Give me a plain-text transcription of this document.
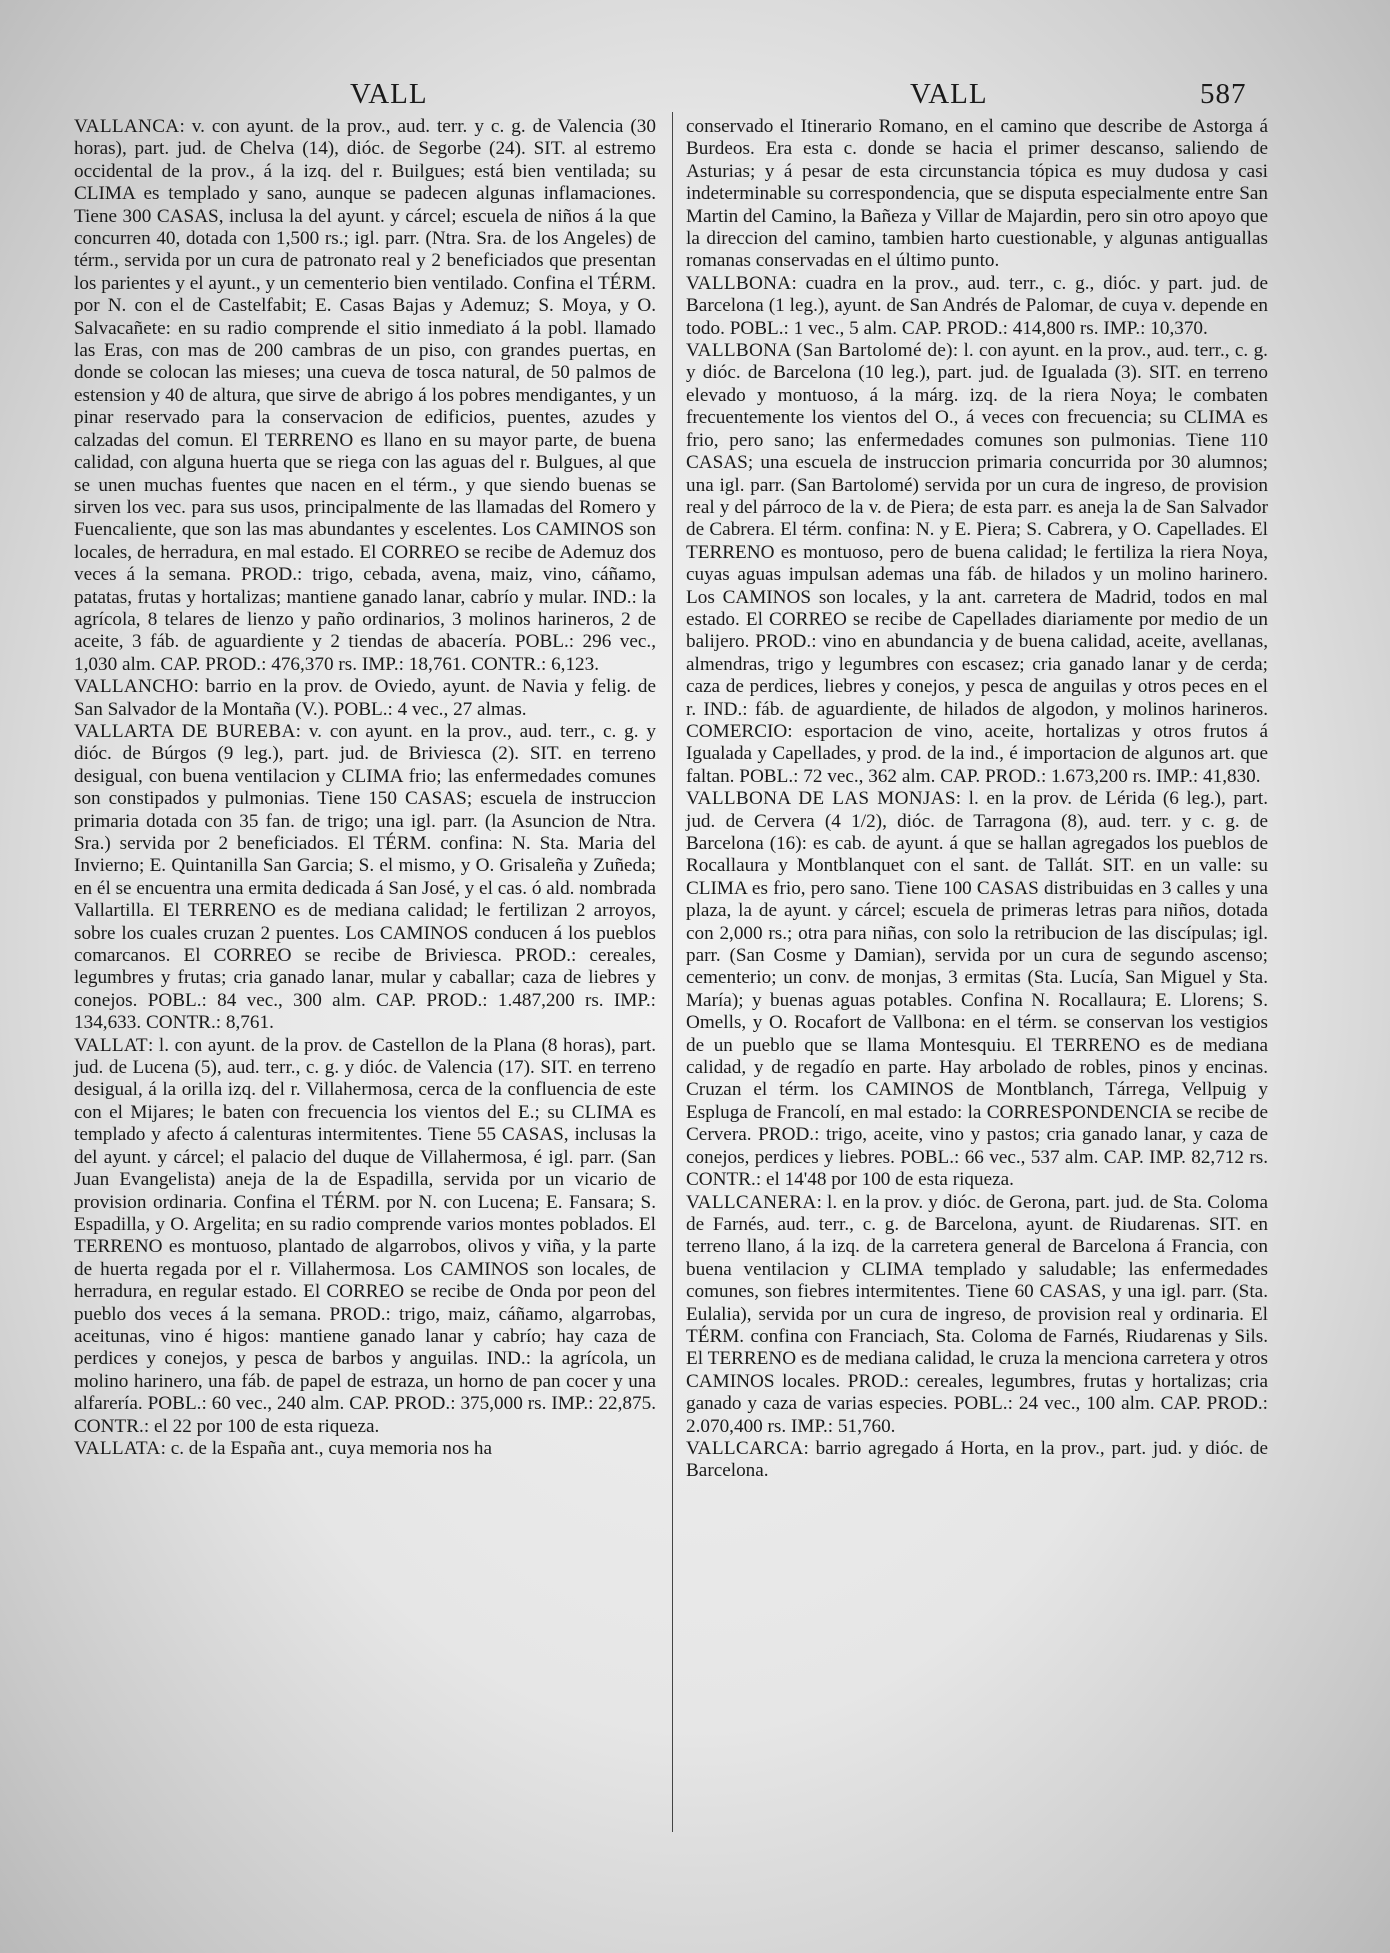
VALL	VALL	587

VALLANCA: v. con ayunt. de la prov., aud. terr. y c. g. de Valencia (30 horas), part. jud. de Chelva (14), dióc. de Segorbe (24). SIT. al estremo occidental de la prov., á la izq. del r. Builgues; está bien ventilada; su CLIMA es templado y sano, aunque se padecen algunas inflamaciones. Tiene 300 CASAS, inclusa la del ayunt. y cárcel; escuela de niños á la que concurren 40, dotada con 1,500 rs.; igl. parr. (Ntra. Sra. de los Angeles) de térm., servida por un cura de patronato real y 2 beneficiados que presentan los parientes y el ayunt., y un cementerio bien ventilado. Confina el TÉRM. por N. con el de Castelfabit; E. Casas Bajas y Ademuz; S. Moya, y O. Salvacañete: en su radio comprende el sitio inmediato á la pobl. llamado las Eras, con mas de 200 cambras de un piso, con grandes puertas, en donde se colocan las mieses; una cueva de tosca natural, de 50 palmos de estension y 40 de altura, que sirve de abrigo á los pobres mendigantes, y un pinar reservado para la conservacion de edificios, puentes, azudes y calzadas del comun. El TERRENO es llano en su mayor parte, de buena calidad, con alguna huerta que se riega con las aguas del r. Bulgues, al que se unen muchas fuentes que nacen en el térm., y que siendo buenas se sirven los vec. para sus usos, principalmente de las llamadas del Romero y Fuencaliente, que son las mas abundantes y escelentes. Los CAMINOS son locales, de herradura, en mal estado. El CORREO se recibe de Ademuz dos veces á la semana. PROD.: trigo, cebada, avena, maiz, vino, cáñamo, patatas, frutas y hortalizas; mantiene ganado lanar, cabrío y mular. IND.: la agrícola, 8 telares de lienzo y paño ordinarios, 3 molinos harineros, 2 de aceite, 3 fáb. de aguardiente y 2 tiendas de abacería. POBL.: 296 vec., 1,030 alm. CAP. PROD.: 476,370 rs. IMP.: 18,761. CONTR.: 6,123.

VALLANCHO: barrio en la prov. de Oviedo, ayunt. de Navia y felig. de San Salvador de la Montaña (V.). POBL.: 4 vec., 27 almas.

VALLARTA DE BUREBA: v. con ayunt. en la prov., aud. terr., c. g. y dióc. de Búrgos (9 leg.), part. jud. de Briviesca (2). SIT. en terreno desigual, con buena ventilacion y CLIMA frio; las enfermedades comunes son constipados y pulmonias. Tiene 150 CASAS; escuela de instruccion primaria dotada con 35 fan. de trigo; una igl. parr. (la Asuncion de Ntra. Sra.) servida por 2 beneficiados. El TÉRM. confina: N. Sta. Maria del Invierno; E. Quintanilla San Garcia; S. el mismo, y O. Grisaleña y Zuñeda; en él se encuentra una ermita dedicada á San José, y el cas. ó ald. nombrada Vallartilla. El TERRENO es de mediana calidad; le fertilizan 2 arroyos, sobre los cuales cruzan 2 puentes. Los CAMINOS conducen á los pueblos comarcanos. El CORREO se recibe de Briviesca. PROD.: cereales, legumbres y frutas; cria ganado lanar, mular y caballar; caza de liebres y conejos. POBL.: 84 vec., 300 alm. CAP. PROD.: 1.487,200 rs. IMP.: 134,633. CONTR.: 8,761.

VALLAT: l. con ayunt. de la prov. de Castellon de la Plana (8 horas), part. jud. de Lucena (5), aud. terr., c. g. y dióc. de Valencia (17). SIT. en terreno desigual, á la orilla izq. del r. Villahermosa, cerca de la confluencia de este con el Mijares; le baten con frecuencia los vientos del E.; su CLIMA es templado y afecto á calenturas intermitentes. Tiene 55 CASAS, inclusas la del ayunt. y cárcel; el palacio del duque de Villahermosa, é igl. parr. (San Juan Evangelista) aneja de la de Espadilla, servida por un vicario de provision ordinaria. Confina el TÉRM. por N. con Lucena; E. Fansara; S. Espadilla, y O. Argelita; en su radio comprende varios montes poblados. El TERRENO es montuoso, plantado de algarrobos, olivos y viña, y la parte de huerta regada por el r. Villahermosa. Los CAMINOS son locales, de herradura, en regular estado. El CORREO se recibe de Onda por peon del pueblo dos veces á la semana. PROD.: trigo, maiz, cáñamo, algarrobas, aceitunas, vino é higos: mantiene ganado lanar y cabrío; hay caza de perdices y conejos, y pesca de barbos y anguilas. IND.: la agrícola, un molino harinero, una fáb. de papel de estraza, un horno de pan cocer y una alfarería. POBL.: 60 vec., 240 alm. CAP. PROD.: 375,000 rs. IMP.: 22,875. CONTR.: el 22 por 100 de esta riqueza.

VALLATA: c. de la España ant., cuya memoria nos ha

conservado el Itinerario Romano, en el camino que describe de Astorga á Burdeos. Era esta c. donde se hacia el primer descanso, saliendo de Asturias; y á pesar de esta circunstancia tópica es muy dudosa y casi indeterminable su correspondencia, que se disputa especialmente entre San Martin del Camino, la Bañeza y Villar de Majardin, pero sin otro apoyo que la direccion del camino, tambien harto cuestionable, y algunas antiguallas romanas conservadas en el último punto.

VALLBONA: cuadra en la prov., aud. terr., c. g., dióc. y part. jud. de Barcelona (1 leg.), ayunt. de San Andrés de Palomar, de cuya v. depende en todo. POBL.: 1 vec., 5 alm. CAP. PROD.: 414,800 rs. IMP.: 10,370.

VALLBONA (San Bartolomé de): l. con ayunt. en la prov., aud. terr., c. g. y dióc. de Barcelona (10 leg.), part. jud. de Igualada (3). SIT. en terreno elevado y montuoso, á la márg. izq. de la riera Noya; le combaten frecuentemente los vientos del O., á veces con frecuencia; su CLIMA es frio, pero sano; las enfermedades comunes son pulmonias. Tiene 110 CASAS; una escuela de instruccion primaria concurrida por 30 alumnos; una igl. parr. (San Bartolomé) servida por un cura de ingreso, de provision real y del párroco de la v. de Piera; de esta parr. es aneja la de San Salvador de Cabrera. El térm. confina: N. y E. Piera; S. Cabrera, y O. Capellades. El TERRENO es montuoso, pero de buena calidad; le fertiliza la riera Noya, cuyas aguas impulsan ademas una fáb. de hilados y un molino harinero. Los CAMINOS son locales, y la ant. carretera de Madrid, todos en mal estado. El CORREO se recibe de Capellades diariamente por medio de un balijero. PROD.: vino en abundancia y de buena calidad, aceite, avellanas, almendras, trigo y legumbres con escasez; cria ganado lanar y de cerda; caza de perdices, liebres y conejos, y pesca de anguilas y otros peces en el r. IND.: fáb. de aguardiente, de hilados de algodon, y molinos harineros. COMERCIO: esportacion de vino, aceite, hortalizas y otros frutos á Igualada y Capellades, y prod. de la ind., é importacion de algunos art. que faltan. POBL.: 72 vec., 362 alm. CAP. PROD.: 1.673,200 rs. IMP.: 41,830.

VALLBONA DE LAS MONJAS: l. en la prov. de Lérida (6 leg.), part. jud. de Cervera (4 1/2), dióc. de Tarragona (8), aud. terr. y c. g. de Barcelona (16): es cab. de ayunt. á que se hallan agregados los pueblos de Rocallaura y Montblanquet con el sant. de Tallát. SIT. en un valle: su CLIMA es frio, pero sano. Tiene 100 CASAS distribuidas en 3 calles y una plaza, la de ayunt. y cárcel; escuela de primeras letras para niños, dotada con 2,000 rs.; otra para niñas, con solo la retribucion de las discípulas; igl. parr. (San Cosme y Damian), servida por un cura de segundo ascenso; cementerio; un conv. de monjas, 3 ermitas (Sta. Lucía, San Miguel y Sta. María); y buenas aguas potables. Confina N. Rocallaura; E. Llorens; S. Omells, y O. Rocafort de Vallbona: en el térm. se conservan los vestigios de un pueblo que se llama Montesquiu. El TERRENO es de mediana calidad, y de regadío en parte. Hay arbolado de robles, pinos y encinas. Cruzan el térm. los CAMINOS de Montblanch, Tárrega, Vellpuig y Espluga de Francolí, en mal estado: la CORRESPONDENCIA se recibe de Cervera. PROD.: trigo, aceite, vino y pastos; cria ganado lanar, y caza de conejos, perdices y liebres. POBL.: 66 vec., 537 alm. CAP. IMP. 82,712 rs. CONTR.: el 14'48 por 100 de esta riqueza.

VALLCANERA: l. en la prov. y dióc. de Gerona, part. jud. de Sta. Coloma de Farnés, aud. terr., c. g. de Barcelona, ayunt. de Riudarenas. SIT. en terreno llano, á la izq. de la carretera general de Barcelona á Francia, con buena ventilacion y CLIMA templado y saludable; las enfermedades comunes, son fiebres intermitentes. Tiene 60 CASAS, y una igl. parr. (Sta. Eulalia), servida por un cura de ingreso, de provision real y ordinaria. El TÉRM. confina con Franciach, Sta. Coloma de Farnés, Riudarenas y Sils. El TERRENO es de mediana calidad, le cruza la menciona carretera y otros CAMINOS locales. PROD.: cereales, legumbres, frutas y hortalizas; cria ganado y caza de varias especies. POBL.: 24 vec., 100 alm. CAP. PROD.: 2.070,400 rs. IMP.: 51,760.

VALLCARCA: barrio agregado á Horta, en la prov., part. jud. y dióc. de Barcelona.
